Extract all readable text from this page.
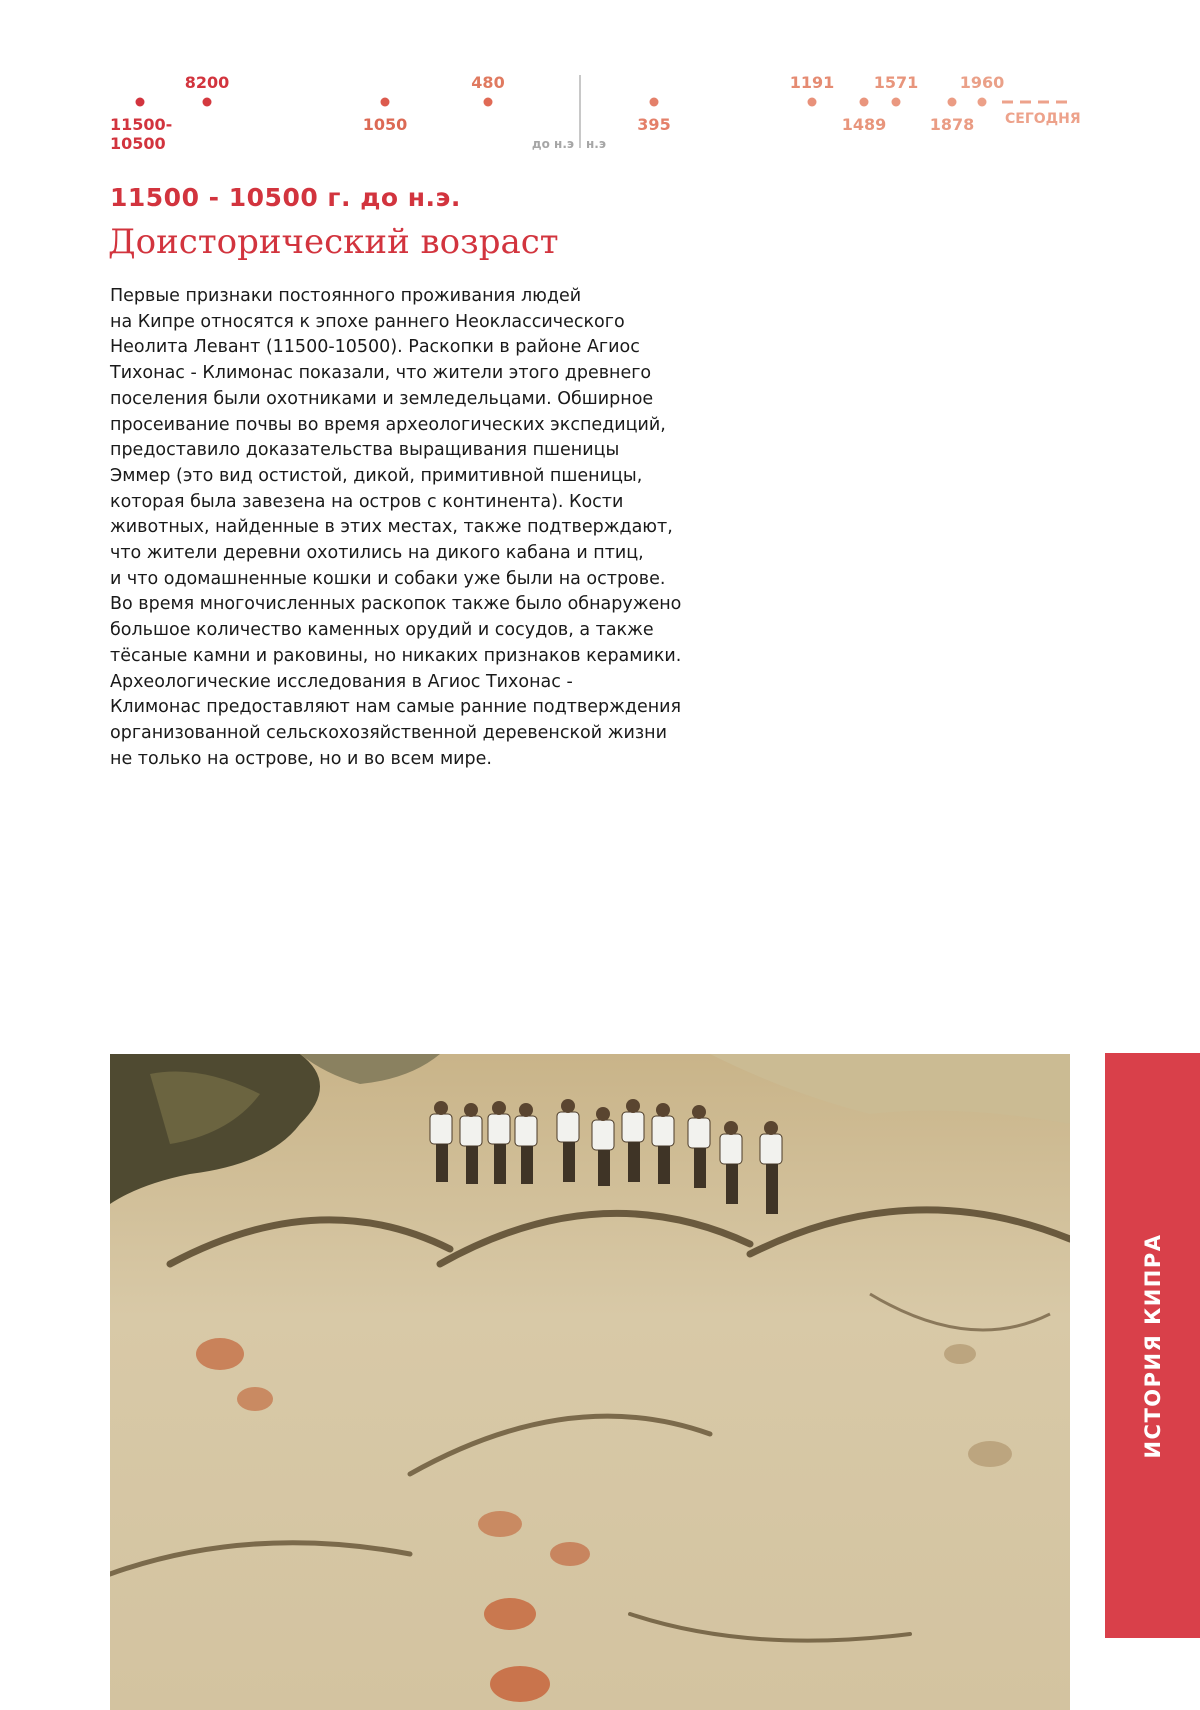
8200	480	1191 1571	1960
11500-
10500
1050	395	1489	1878 СЕГОДНЯ
до н.э н.э
11500 - 10500 г. до н.э.
Доисторический возраст
Первые признаки постоянного проживания людей
на Кипре относятся к эпохе раннего Неоклассического
Неолита Левант (11500-10500). Раскопки в районе Агиос
Тихонас - Климонас показали, что жители этого древнего
поселения были охотниками и земледельцами. Обширное
просеивание почвы во время археологических экспедиций,
предоставило доказательства выращивания пшеницы
Эммер (это вид остистой, дикой, примитивной пшеницы,
которая была завезена на остров с континента). Кости
животных, найденные в этих местах, также подтверждают,
что жители деревни охотились на дикого кабана и птиц,
и что одомашненные кошки и собаки уже были на острове.
Во время многочисленных раскопок также было обнаружено
большое количество каменных орудий и сосудов, а также
тёсаные камни и раковины, но никаких признаков керамики.
Археологические исследования в Агиос Тихонас -
Климонас предоставляют нам самые ранние подтверждения
организованной сельскохозяйственной деревенской жизни
не только на острове, но и во всем мире.
ИСТОРИЯ КИПРА
